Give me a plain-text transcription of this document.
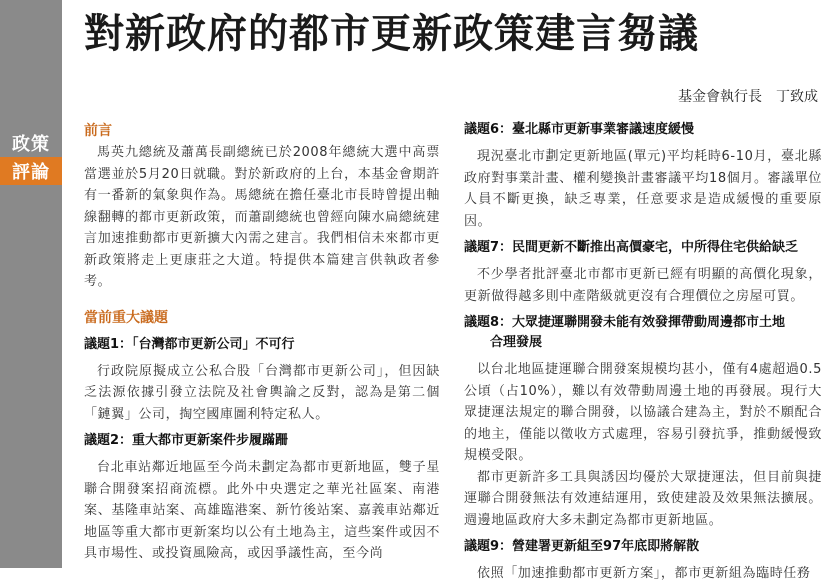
政策
評論
對新政府的都市更新政策建言芻議
基金會執行長　丁致成

前言

馬英九總統及蕭萬長副總統已於2008年總統大選中高票當選並於5月20日就職。對於新政府的上台，本基金會期許有一番新的氣象與作為。馬總統在擔任臺北市長時曾提出軸線翻轉的都市更新政策，而蕭副總統也曾經向陳水扁總統建言加速推動都市更新擴大內需之建言。我們相信未來都市更新政策將走上更康莊之大道。特提供本篇建言供執政者參考。

當前重大議題

議題1：「台灣都市更新公司」不可行

行政院原擬成立公私合股「台灣都市更新公司」，但因缺乏法源依據引發立法院及社會輿論之反對，認為是第二個「鏈翼」公司，掏空國庫圖利特定私人。

議題2：重大都市更新案件步履蹣跚

台北車站鄰近地區至今尚未劃定為都市更新地區，雙子星聯合開發案招商流標。此外中央選定之華光社區案、南港案、基隆車站案、高雄臨港案、新竹後站案、嘉義車站鄰近地區等重大都市更新案均以公有土地為主，這些案件或因不具市場性、或投資風險高，或因爭議性高，至今尚

議題6：臺北縣市更新事業審議速度緩慢

現況臺北市劃定更新地區(單元)平均耗時6-10月，臺北縣政府對事業計畫、權利變換計畫審議平均18個月。審議單位人員不斷更換，缺乏專業，任意要求是造成緩慢的重要原因。

議題7：民間更新不斷推出高價豪宅，中所得住宅供給缺乏

不少學者批評臺北市都市更新已經有明顯的高價化現象，更新做得越多則中產階級就更沒有合理價位之房屋可買。

議題8：大眾捷運聯開發未能有效發揮帶動周邊都市土地
合理發展

以台北地區捷運聯合開發案規模均甚小，僅有4處超過0.5公頃（占10%），難以有效帶動周邊土地的再發展。現行大眾捷運法規定的聯合開發，以協議合建為主，對於不願配合的地主，僅能以徵收方式處理，容易引發抗爭，推動緩慢致規模受限。

都市更新許多工具與誘因均優於大眾捷運法，但目前與捷運聯合開發無法有效連結運用，致使建設及效果無法擴展。週邊地區政府大多未劃定為都市更新地區。

議題9：營建署更新組至97年底即將解散

依照「加速推動都市更新方案」，都市更新組為臨時任務
